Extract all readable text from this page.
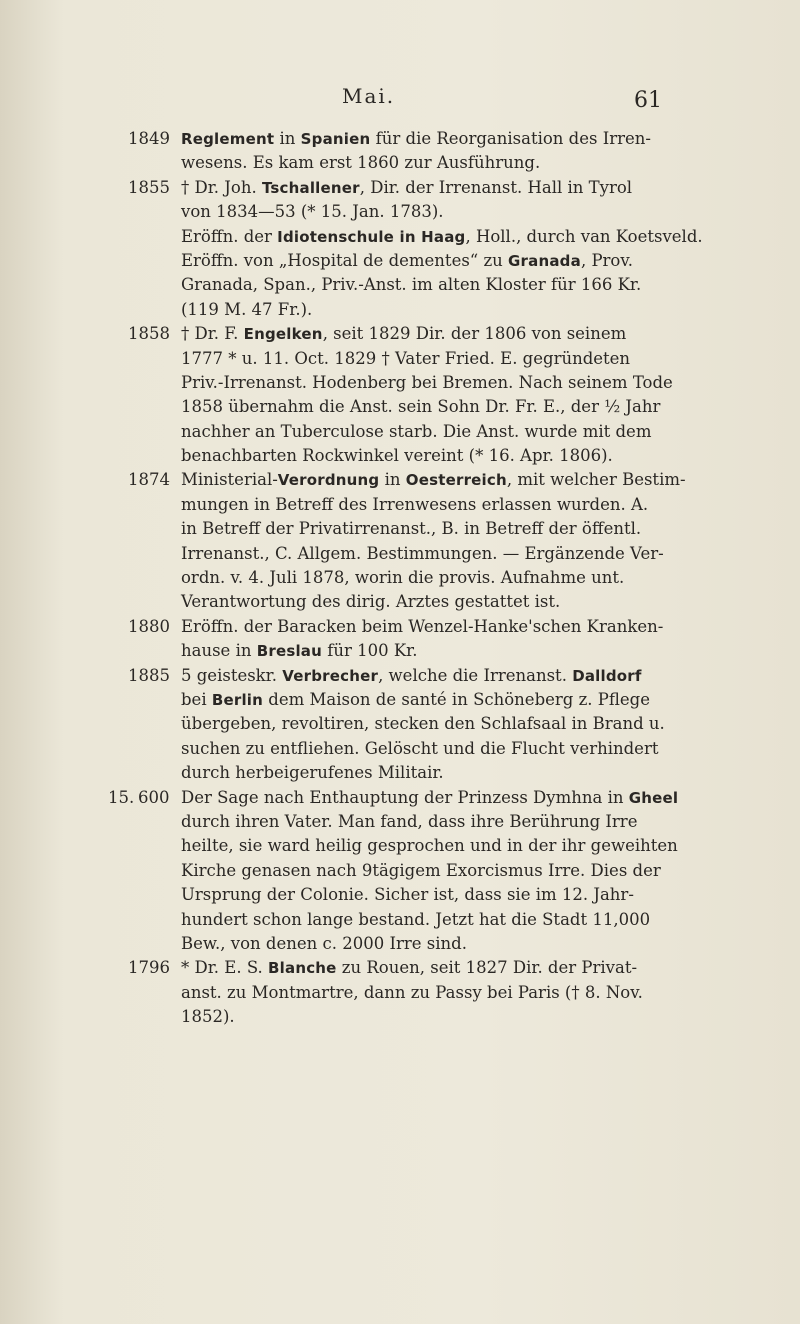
Mai.	61
1849 Reglement in Spanien für die Reorganisation des Irren-
wesens. Es kam erst 1860 zur Ausführung.
1855 † Dr. Joh. Tschallener, Dir. der Irrenanst. Hall in Tyrol
von 1834—53 (* 15. Jan. 1783).
Eröffn. der Idiotenschule in Haag, Holl., durch van Koetsveld.
Eröffn. von „Hospital de dementes“ zu Granada, Prov.
Granada, Span., Priv.-Anst. im alten Kloster für 166 Kr.
(119 M. 47 Fr.).
1858 † Dr. F. Engelken, seit 1829 Dir. der 1806 von seinem
1777 * u. 11. Oct. 1829 † Vater Fried. E. gegründeten
Priv.-Irrenanst. Hodenberg bei Bremen. Nach seinem Tode
1858 übernahm die Anst. sein Sohn Dr. Fr. E., der ½ Jahr
nachher an Tuberculose starb. Die Anst. wurde mit dem
benachbarten Rockwinkel vereint (* 16. Apr. 1806).
1874 Ministerial-Verordnung in Oesterreich, mit welcher Bestim-
mungen in Betreff des Irrenwesens erlassen wurden. A.
in Betreff der Privatirrenanst., B. in Betreff der öffentl.
Irrenanst., C. Allgem. Bestimmungen. — Ergänzende Ver-
ordn. v. 4. Juli 1878, worin die provis. Aufnahme unt.
Verantwortung des dirig. Arztes gestattet ist.
1880 Eröffn. der Baracken beim Wenzel-Hanke'schen Kranken-
hause in Breslau für 100 Kr.
1885 5 geisteskr. Verbrecher, welche die Irrenanst. Dalldorf
bei Berlin dem Maison de santé in Schöneberg z. Pflege
übergeben, revoltiren, stecken den Schlafsaal in Brand u.
suchen zu entfliehen. Gelöscht und die Flucht verhindert
durch herbeigerufenes Militair.
15. 600 Der Sage nach Enthauptung der Prinzess Dymhna in Gheel
durch ihren Vater. Man fand, dass ihre Berührung Irre
heilte, sie ward heilig gesprochen und in der ihr geweihten
Kirche genasen nach 9tägigem Exorcismus Irre. Dies der
Ursprung der Colonie. Sicher ist, dass sie im 12. Jahr-
hundert schon lange bestand. Jetzt hat die Stadt 11,000
Bew., von denen c. 2000 Irre sind.
1796 * Dr. E. S. Blanche zu Rouen, seit 1827 Dir. der Privat-
anst. zu Montmartre, dann zu Passy bei Paris († 8. Nov.
1852).
